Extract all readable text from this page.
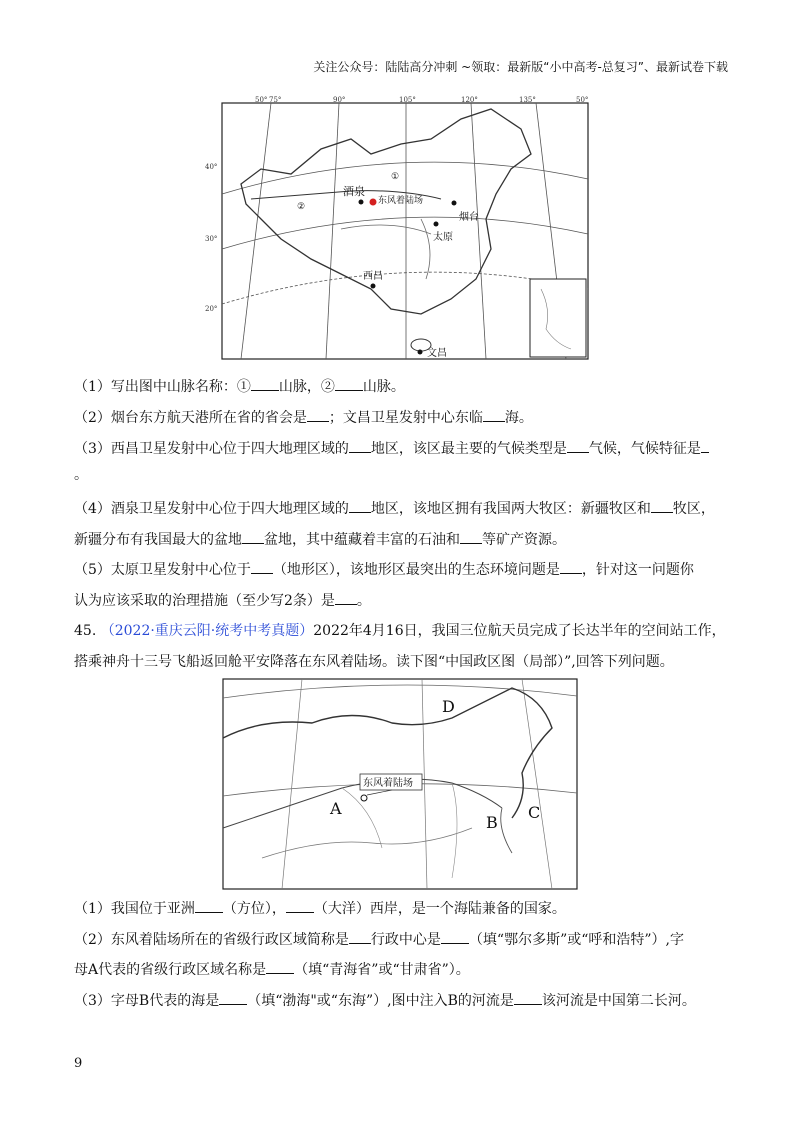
关注公众号：陆陆高分冲刺 ~领取：最新版“小中高考-总复习”、最新试卷下载
50° 75°	90°	105°	120°	135°	50°
40°
30°
20°
①
②
酒泉
东风着陆场
烟台
太原
西昌
文昌
（1）写出图中山脉名称：① 山脉，② 山脉。
（2）烟台东方航天港所在省的省会是 ；文昌卫星发射中心东临 海。
（3）西昌卫星发射中心位于四大地理区域的 地区，该区最主要的气候类型是 气候，气候特征是
。
（4）酒泉卫星发射中心位于四大地理区域的 地区，该地区拥有我国两大牧区：新疆牧区和 牧区，
新疆分布有我国最大的盆地 盆地，其中蕴藏着丰富的石油和 等矿产资源。
（5）太原卫星发射中心位于 （地形区），该地形区最突出的生态环境问题是 ，针对这一问题你
认为应该采取的治理措施（至少写2条）是 。
45. （2022·重庆云阳·统考中考真题）2022年4月16日，我国三位航天员完成了长达半年的空间站工作，
搭乘神舟十三号飞船返回舱平安降落在东风着陆场。读下图“中国政区图（局部）”,回答下列问题。
东风着陆场
D
A
B
C
（1）我国位于亚洲 （方位）， （大洋）西岸，是一个海陆兼备的国家。
（2）东风着陆场所在的省级行政区域简称是 行政中心是 （填“鄂尔多斯”或“呼和浩特”）,字
母A代表的省级行政区域名称是 （填“青海省”或“甘肃省”）。
（3）字母B代表的海是 （填“渤海"或“东海”）,图中注入B的河流是 该河流是中国第二长河。
9
